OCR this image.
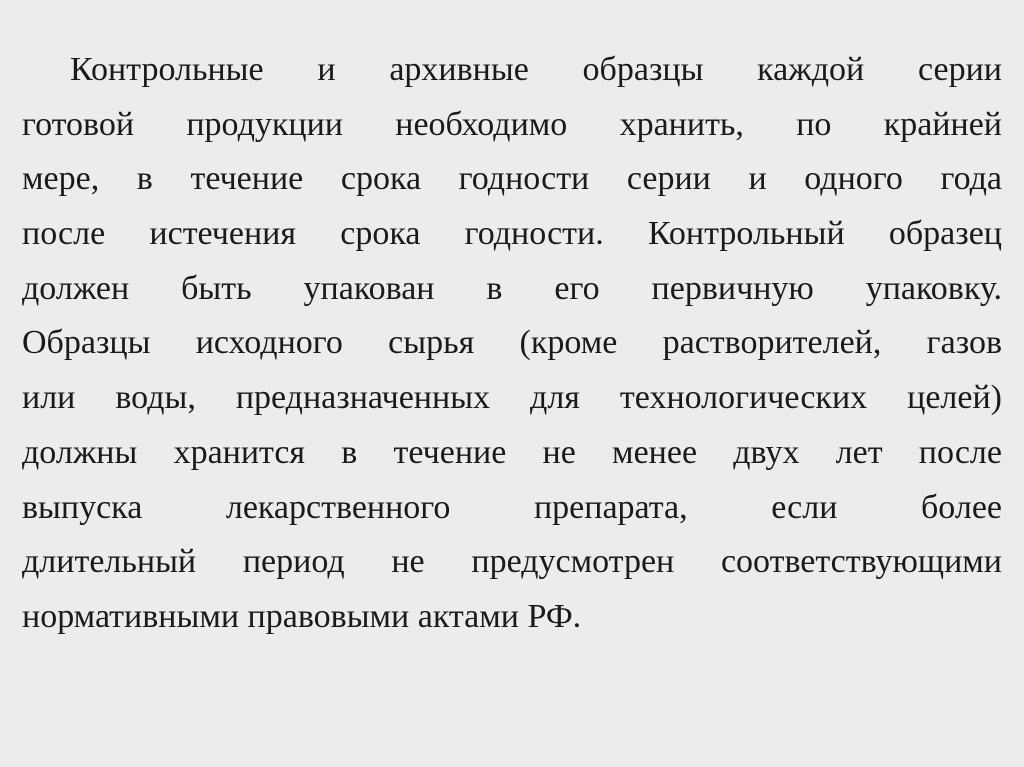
Контрольные и архивные образцы каждой серии
готовой продукции необходимо хранить, по крайней
мере, в течение срока годности серии и одного года
после истечения срока годности. Контрольный образец
должен быть упакован в его первичную упаковку.
Образцы исходного сырья (кроме растворителей, газов
или воды, предназначенных для технологических целей)
должны хранится в течение не менее двух лет после
выпуска лекарственного препарата, если более
длительный период не предусмотрен соответствующими
нормативными правовыми актами РФ.
